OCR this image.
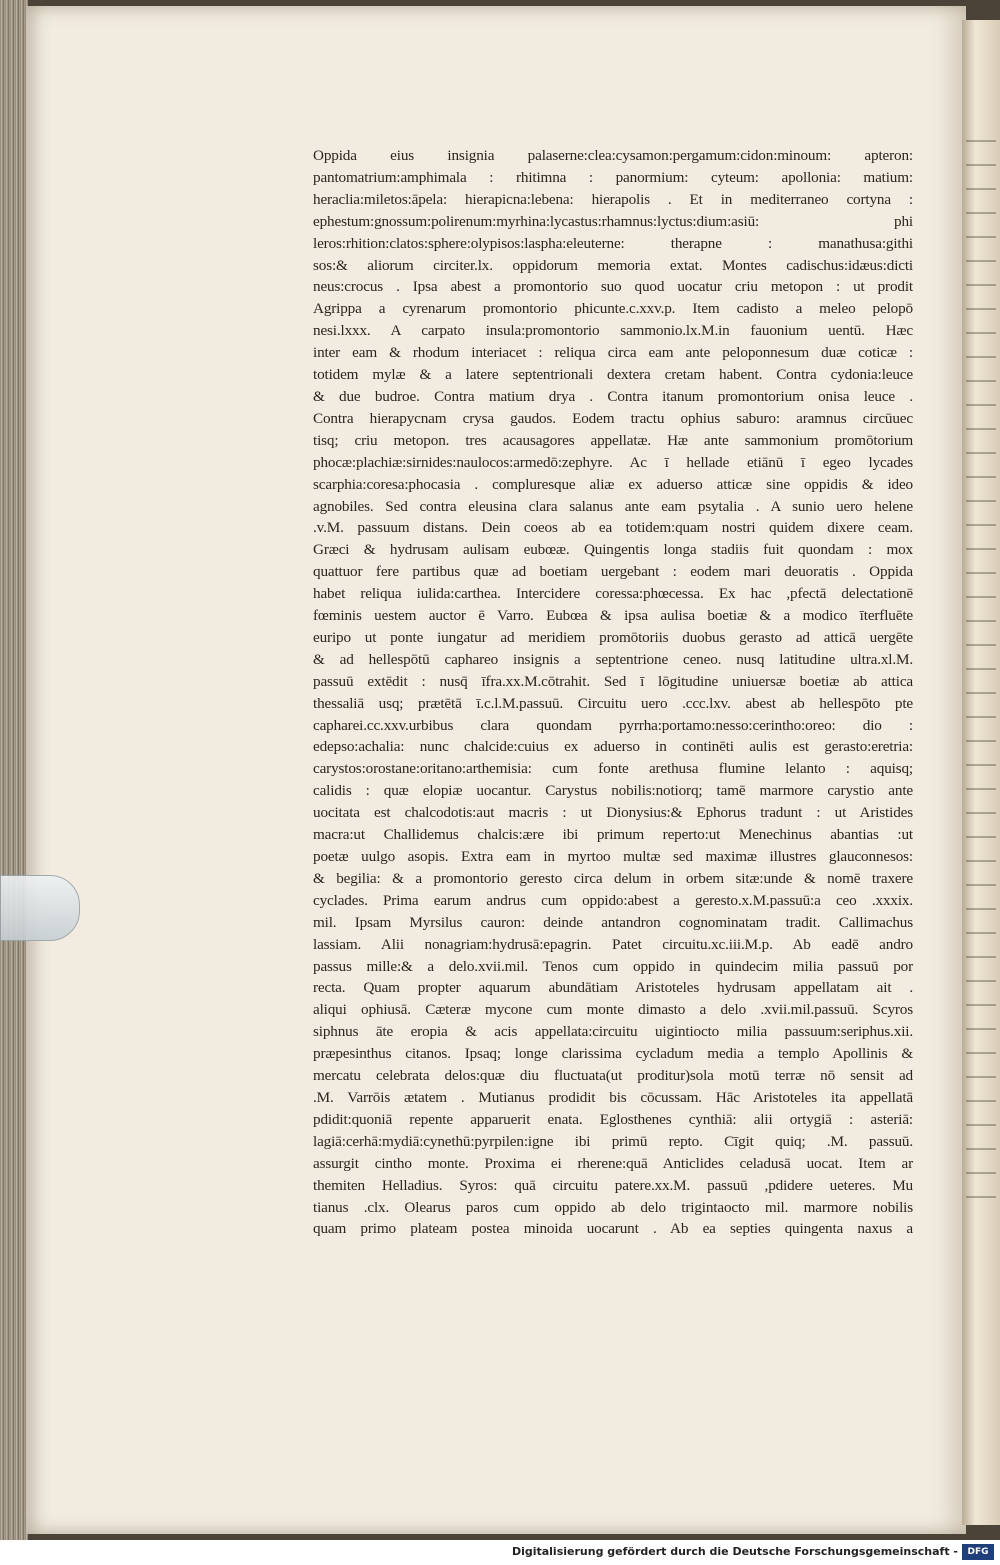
Oppida eius insignia palaserne:clea:cysamon:pergamum:cidon:minoum: apteron:
pantomatrium:amphimala : rhitimna : panormium: cyteum: apollonia: matium:
heraclia:miletos:āpela: hierapicna:lebena: hierapolis . Et in mediterraneo cortyna :
ephestum:gnossum:polirenum:myrhina:lycastus:rhamnus:lyctus:dium:asiū: phi
leros:rhition:clatos:sphere:olypisos:laspha:eleuterne: therapne : manathusa:githi
sos:& aliorum circiter.lx. oppidorum memoria extat. Montes cadischus:idæus:dicti
neus:crocus . Ipsa abest a promontorio suo quod uocatur criu metopon : ut prodit
Agrippa a cyrenarum promontorio phicunte.c.xxv.p. Item cadisto a meleo pelopō
nesi.lxxx. A carpato insula:promontorio sammonio.lx.M.in fauonium uentū. Hæc
inter eam & rhodum interiacet : reliqua circa eam ante peloponnesum duæ coticæ :
totidem mylæ & a latere septentrionali dextera cretam habent. Contra cydonia:leuce
& due budroe. Contra matium drya . Contra itanum promontorium onisa leuce .
Contra hierapycnam crysa gaudos. Eodem tractu ophius saburo: aramnus circūuec
tisq; criu metopon. tres acausagores appellatæ. Hæ ante sammonium promōtorium
phocæ:plachiæ:sirnides:naulocos:armedō:zephyre. Ac ī hellade etiānū ī egeo lycades
scarphia:coresa:phocasia . compluresque aliæ ex aduerso atticæ sine oppidis & ideo
agnobiles. Sed contra eleusina clara salanus ante eam psytalia . A sunio uero helene
.v.M. passuum distans. Dein coeos ab ea totidem:quam nostri quidem dixere ceam.
Græci & hydrusam aulisam eubœæ. Quingentis longa stadiis fuit quondam : mox
quattuor fere partibus quæ ad boetiam uergebant : eodem mari deuoratis . Oppida
habet reliqua iulida:carthea. Intercidere coressa:phœcessa. Ex hac ,pfectā delectationē
fœminis uestem auctor ē Varro. Eubœa & ipsa aulisa boetiæ & a modico īterfluēte
euripo ut ponte iungatur ad meridiem promōtoriis duobus gerasto ad atticā uergēte
& ad hellespōtū caphareo insignis a septentrione ceneo. nusq latitudine ultra.xl.M.
passuū extēdit : nusq̄ īfra.xx.M.cōtrahit. Sed ī lōgitudine uniuersæ boetiæ ab attica
thessaliā usq; prætētā ī.c.l.M.passuū. Circuitu uero .ccc.lxv. abest ab hellespōto pte
capharei.cc.xxv.urbibus clara quondam pyrrha:portamo:nesso:cerintho:oreo: dio :
edepso:achalia: nunc chalcide:cuius ex aduerso in continēti aulis est gerasto:eretria:
carystos:orostane:oritano:arthemisia: cum fonte arethusa flumine lelanto : aquisq;
calidis : quæ elopiæ uocantur. Carystus nobilis:notiorq; tamē marmore carystio ante
uocitata est chalcodotis:aut macris : ut Dionysius:& Ephorus tradunt : ut Aristides
macra:ut Challidemus chalcis:ære ibi primum reperto:ut Menechinus abantias :ut
poetæ uulgo asopis. Extra eam in myrtoo multæ sed maximæ illustres glauconnesos:
& begilia: & a promontorio geresto circa delum in orbem sitæ:unde & nomē traxere
cyclades. Prima earum andrus cum oppido:abest a geresto.x.M.passuū:a ceo .xxxix.
mil. Ipsam Myrsilus cauron: deinde antandron cognominatam tradit. Callimachus
lassiam. Alii nonagriam:hydrusā:epagrin. Patet circuitu.xc.iii.M.p. Ab eadē andro
passus mille:& a delo.xvii.mil. Tenos cum oppido in quindecim milia passuū por
recta. Quam propter aquarum abundātiam Aristoteles hydrusam appellatam ait .
aliqui ophiusā. Cæteræ mycone cum monte dimasto a delo .xvii.mil.passuū. Scyros
siphnus āte eropia & acis appellata:circuitu uigintiocto milia passuum:seriphus.xii.
præpesinthus citanos. Ipsaq; longe clarissima cycladum media a templo Apollinis &
mercatu celebrata delos:quæ diu fluctuata(ut proditur)sola motū terræ nō sensit ad
.M. Varrōis ætatem . Mutianus prodidit bis cōcussam. Hāc Aristoteles ita appellatā
pdidit:quoniā repente apparuerit enata. Eglosthenes cynthiā: alii ortygiā : asteriā:
lagiā:cerhā:mydiā:cynethū:pyrpilen:igne ibi primū repto. Cīgit quiq; .M. passuū.
assurgit cintho monte. Proxima ei rherene:quā Anticlides celadusā uocat. Item ar
themiten Helladius. Syros: quā circuitu patere.xx.M. passuū ,pdidere ueteres. Mu
tianus .clx. Olearus paros cum oppido ab delo trigintaocto mil. marmore nobilis
quam primo plateam postea minoida uocarunt . Ab ea septies quingenta naxus a
Digitalisierung gefördert durch die Deutsche Forschungsgemeinschaft -	DFG
